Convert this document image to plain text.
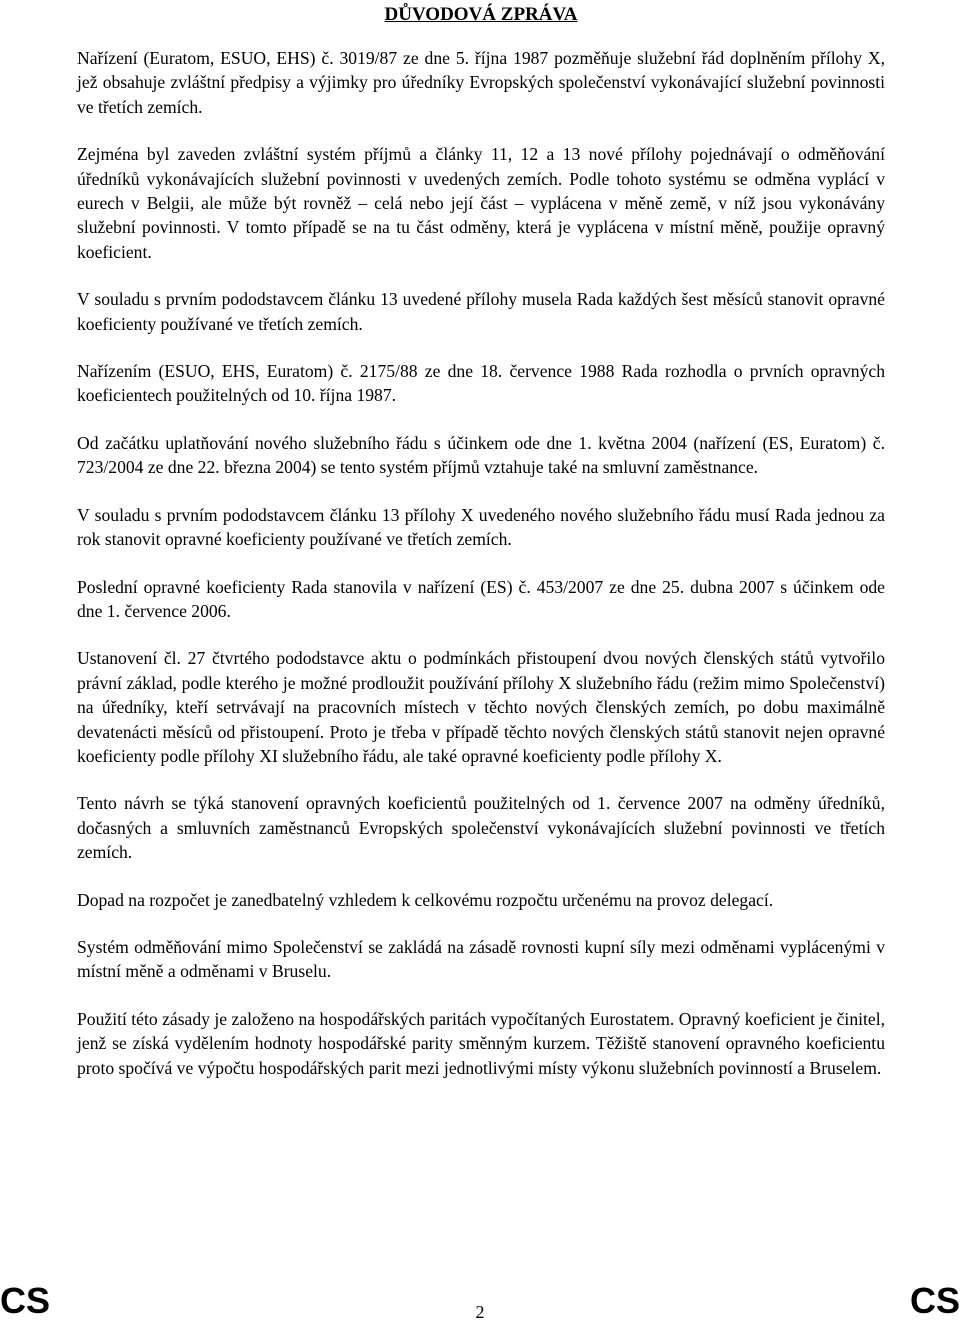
DŮVODOVÁ ZPRÁVA

Nařízení (Euratom, ESUO, EHS) č. 3019/87 ze dne 5. října 1987 pozměňuje služební řád doplněním přílohy X, jež obsahuje zvláštní předpisy a výjimky pro úředníky Evropských společenství vykonávající služební povinnosti ve třetích zemích.

Zejména byl zaveden zvláštní systém příjmů a články 11, 12 a 13 nové přílohy pojednávají o odměňování úředníků vykonávajících služební povinnosti v uvedených zemích. Podle tohoto systému se odměna vyplácí v eurech v Belgii, ale může být rovněž – celá nebo její část – vyplácena v měně země, v níž jsou vykonávány služební povinnosti. V tomto případě se na tu část odměny, která je vyplácena v místní měně, použije opravný koeficient.

V souladu s prvním pododstavcem článku 13 uvedené přílohy musela Rada každých šest měsíců stanovit opravné koeficienty používané ve třetích zemích.

Nařízením (ESUO, EHS, Euratom) č. 2175/88 ze dne 18. července 1988 Rada rozhodla o prvních opravných koeficientech použitelných od 10. října 1987.

Od začátku uplatňování nového služebního řádu s účinkem ode dne 1. května 2004 (nařízení (ES, Euratom) č. 723/2004 ze dne 22. března 2004) se tento systém příjmů vztahuje také na smluvní zaměstnance.

V souladu s prvním pododstavcem článku 13 přílohy X uvedeného nového služebního řádu musí Rada jednou za rok stanovit opravné koeficienty používané ve třetích zemích.

Poslední opravné koeficienty Rada stanovila v nařízení (ES) č. 453/2007 ze dne 25. dubna 2007 s účinkem ode dne 1. července 2006.

Ustanovení čl. 27 čtvrtého pododstavce aktu o podmínkách přistoupení dvou nových členských států vytvořilo právní základ, podle kterého je možné prodloužit používání přílohy X služebního řádu (režim mimo Společenství) na úředníky, kteří setrvávají na pracovních místech v těchto nových členských zemích, po dobu maximálně devatenácti měsíců od přistoupení. Proto je třeba v případě těchto nových členských států stanovit nejen opravné koeficienty podle přílohy XI služebního řádu, ale také opravné koeficienty podle přílohy X.

Tento návrh se týká stanovení opravných koeficientů použitelných od 1. července 2007 na odměny úředníků, dočasných a smluvních zaměstnanců Evropských společenství vykonávajících služební povinnosti ve třetích zemích.

Dopad na rozpočet je zanedbatelný vzhledem k celkovému rozpočtu určenému na provoz delegací.

Systém odměňování mimo Společenství se zakládá na zásadě rovnosti kupní síly mezi odměnami vyplácenými v místní měně a odměnami v Bruselu.

Použití této zásady je založeno na hospodářských paritách vypočítaných Eurostatem. Opravný koeficient je činitel, jenž se získá vydělením hodnoty hospodářské parity směnným kurzem. Těžiště stanovení opravného koeficientu proto spočívá ve výpočtu hospodářských parit mezi jednotlivými místy výkonu služebních povinností a Bruselem.

CS	2	CS
